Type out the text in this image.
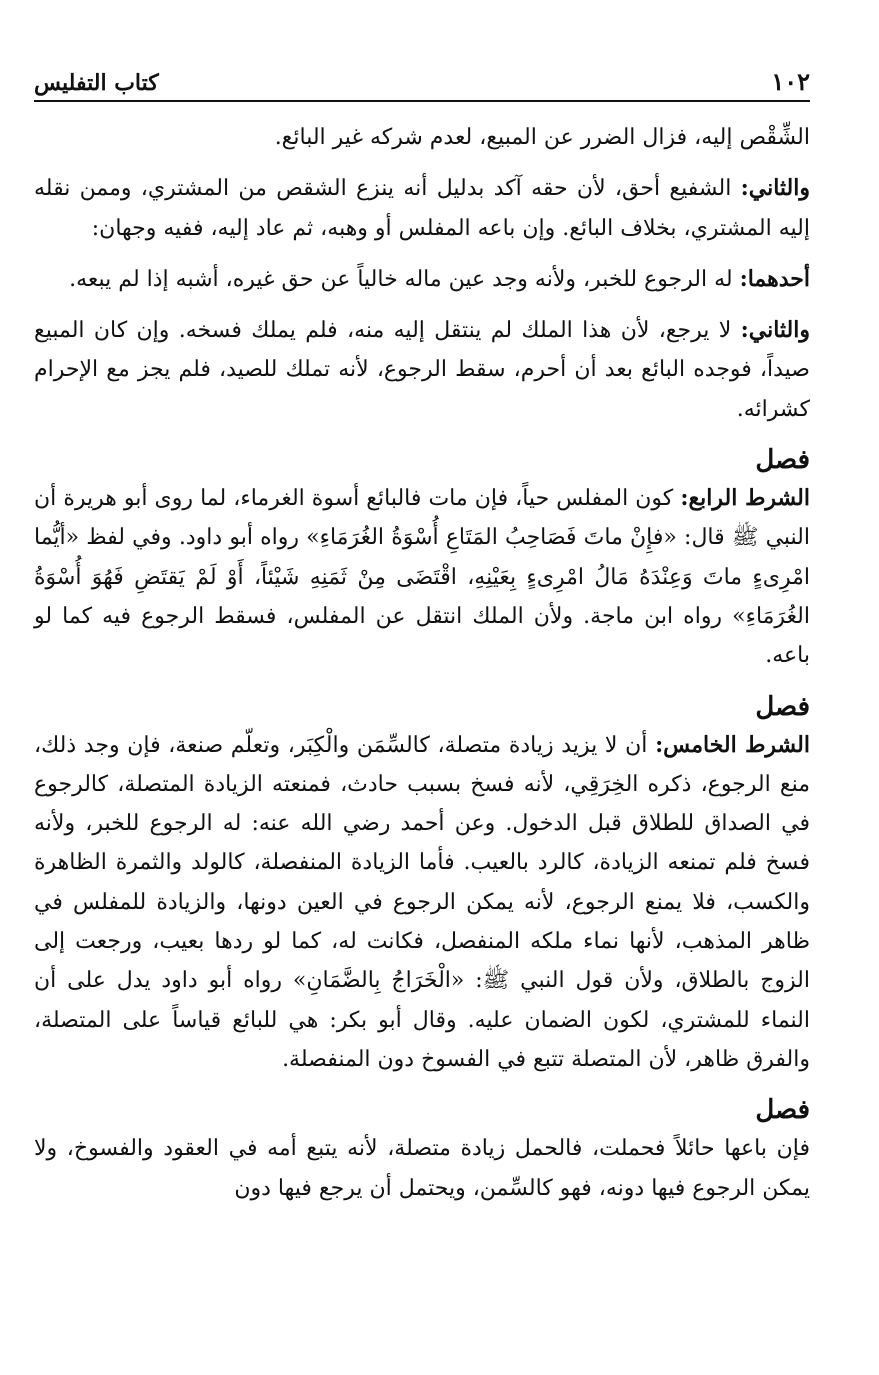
١٠٢
كتاب التفليس

الشِّقْص إليه، فزال الضرر عن المبيع، لعدم شركه غير البائع.

والثاني: الشفيع أحق، لأن حقه آكد بدليل أنه ينزع الشقص من المشتري، وممن نقله إليه المشتري، بخلاف البائع. وإن باعه المفلس أو وهبه، ثم عاد إليه، ففيه وجهان:

أحدهما: له الرجوع للخبر، ولأنه وجد عين ماله خالياً عن حق غيره، أشبه إذا لم يبعه.

والثاني: لا يرجع، لأن هذا الملك لم ينتقل إليه منه، فلم يملك فسخه. وإن كان المبيع صيداً، فوجده البائع بعد أن أحرم، سقط الرجوع، لأنه تملك للصيد، فلم يجز مع الإحرام كشرائه.

فصل

الشرط الرابع: كون المفلس حياً، فإن مات فالبائع أسوة الغرماء، لما روى أبو هريرة أن النبي ﷺ قال: «فإِنْ ماتَ فَصَاحِبُ المَتَاعِ أُسْوَةُ الغُرَمَاءِ» رواه أبو داود. وفي لفظ «أيُّما امْرِىءٍ ماتَ وَعِنْدَهُ مَالُ امْرِىءٍ بِعَيْنِهِ، اقْتَضَى مِنْ ثَمَنِهِ شَيْئاً، أَوْ لَمْ يَقتَضِ فَهُوَ أُسْوَةُ الغُرَمَاءِ» رواه ابن ماجة. ولأن الملك انتقل عن المفلس، فسقط الرجوع فيه كما لو باعه.

فصل

الشرط الخامس: أن لا يزيد زيادة متصلة، كالسِّمَن والْكِبَر، وتعلّم صنعة، فإن وجد ذلك، منع الرجوع، ذكره الخِرَقِي، لأنه فسخ بسبب حادث، فمنعته الزيادة المتصلة، كالرجوع في الصداق للطلاق قبل الدخول. وعن أحمد رضي الله عنه: له الرجوع للخبر، ولأنه فسخ فلم تمنعه الزيادة، كالرد بالعيب. فأما الزيادة المنفصلة، كالولد والثمرة الظاهرة والكسب، فلا يمنع الرجوع، لأنه يمكن الرجوع في العين دونها، والزيادة للمفلس في ظاهر المذهب، لأنها نماء ملكه المنفصل، فكانت له، كما لو ردها بعيب، ورجعت إلى الزوج بالطلاق، ولأن قول النبي ﷺ: «الْخَرَاجُ بِالضَّمَانِ» رواه أبو داود يدل على أن النماء للمشتري، لكون الضمان عليه. وقال أبو بكر: هي للبائع قياساً على المتصلة، والفرق ظاهر، لأن المتصلة تتبع في الفسوخ دون المنفصلة.

فصل

فإن باعها حائلاً فحملت، فالحمل زيادة متصلة، لأنه يتبع أمه في العقود والفسوخ، ولا يمكن الرجوع فيها دونه، فهو كالسِّمن، ويحتمل أن يرجع فيها دون
